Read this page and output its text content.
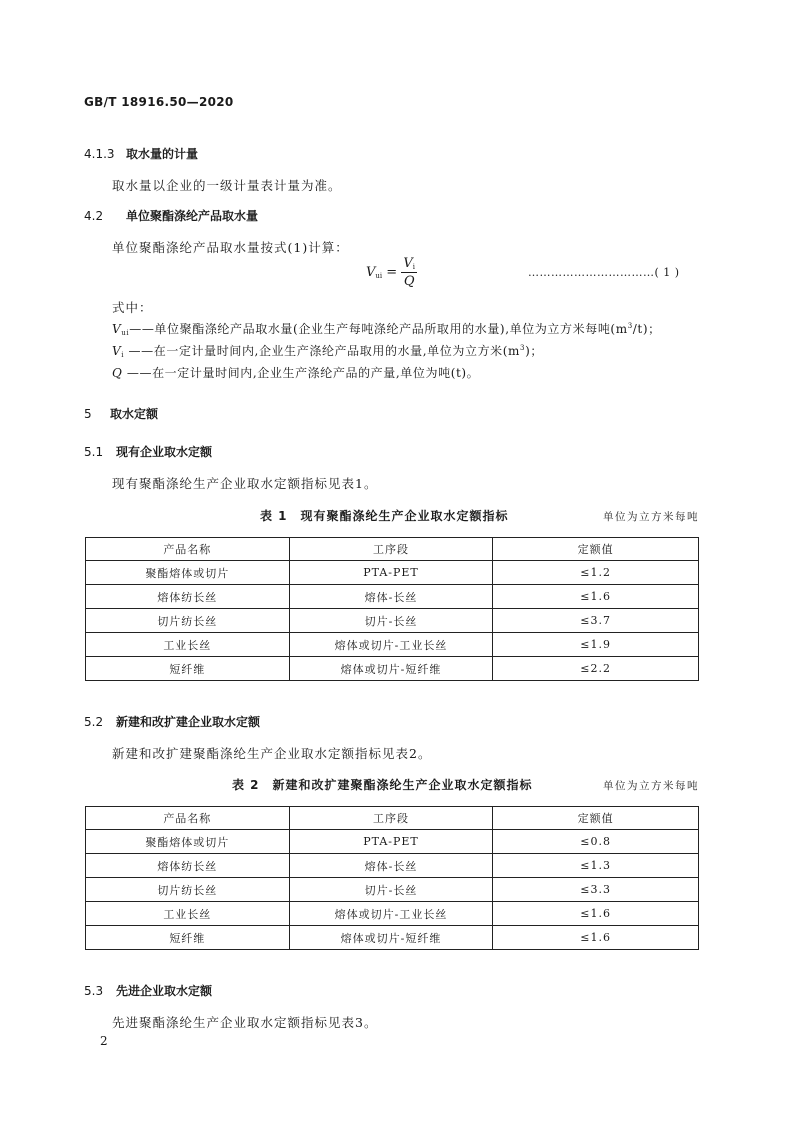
GB/T 18916.50—2020
4.1.3 取水量的计量
取水量以企业的一级计量表计量为准。
4.2 单位聚酯涤纶产品取水量
单位聚酯涤纶产品取水量按式(1)计算：
$V_{ui} = \frac{V_i}{Q}$	……………………………( 1 )
式中：
$V_{ui}——$单位聚酯涤纶产品取水量(企业生产每吨涤纶产品所取用的水量),单位为立方米每吨$(m^3/t)$；
$V_i$ ——在一定计量时间内,企业生产涤纶产品取用的水量,单位为立方米$(m^3)$；
Q ——在一定计量时间内,企业生产涤纶产品的产量,单位为吨(t)。
5 取水定额
5.1 现有企业取水定额
现有聚酯涤纶生产企业取水定额指标见表1。
表 1　现有聚酯涤纶生产企业取水定额指标	单位为立方米每吨
产品名称	工序段	定额值
聚酯熔体或切片	PTA-PET	≤1.2
熔体纺长丝	熔体-长丝	≤1.6
切片纺长丝	切片-长丝	≤3.7
工业长丝	熔体或切片-工业长丝	≤1.9
短纤维	熔体或切片-短纤维	≤2.2
5.2 新建和改扩建企业取水定额
新建和改扩建聚酯涤纶生产企业取水定额指标见表2。
表 2　新建和改扩建聚酯涤纶生产企业取水定额指标	单位为立方米每吨
产品名称	工序段	定额值
聚酯熔体或切片	PTA-PET	≤0.8
熔体纺长丝	熔体-长丝	≤1.3
切片纺长丝	切片-长丝	≤3.3
工业长丝	熔体或切片-工业长丝	≤1.6
短纤维	熔体或切片-短纤维	≤1.6
5.3 先进企业取水定额
先进聚酯涤纶生产企业取水定额指标见表3。
2
